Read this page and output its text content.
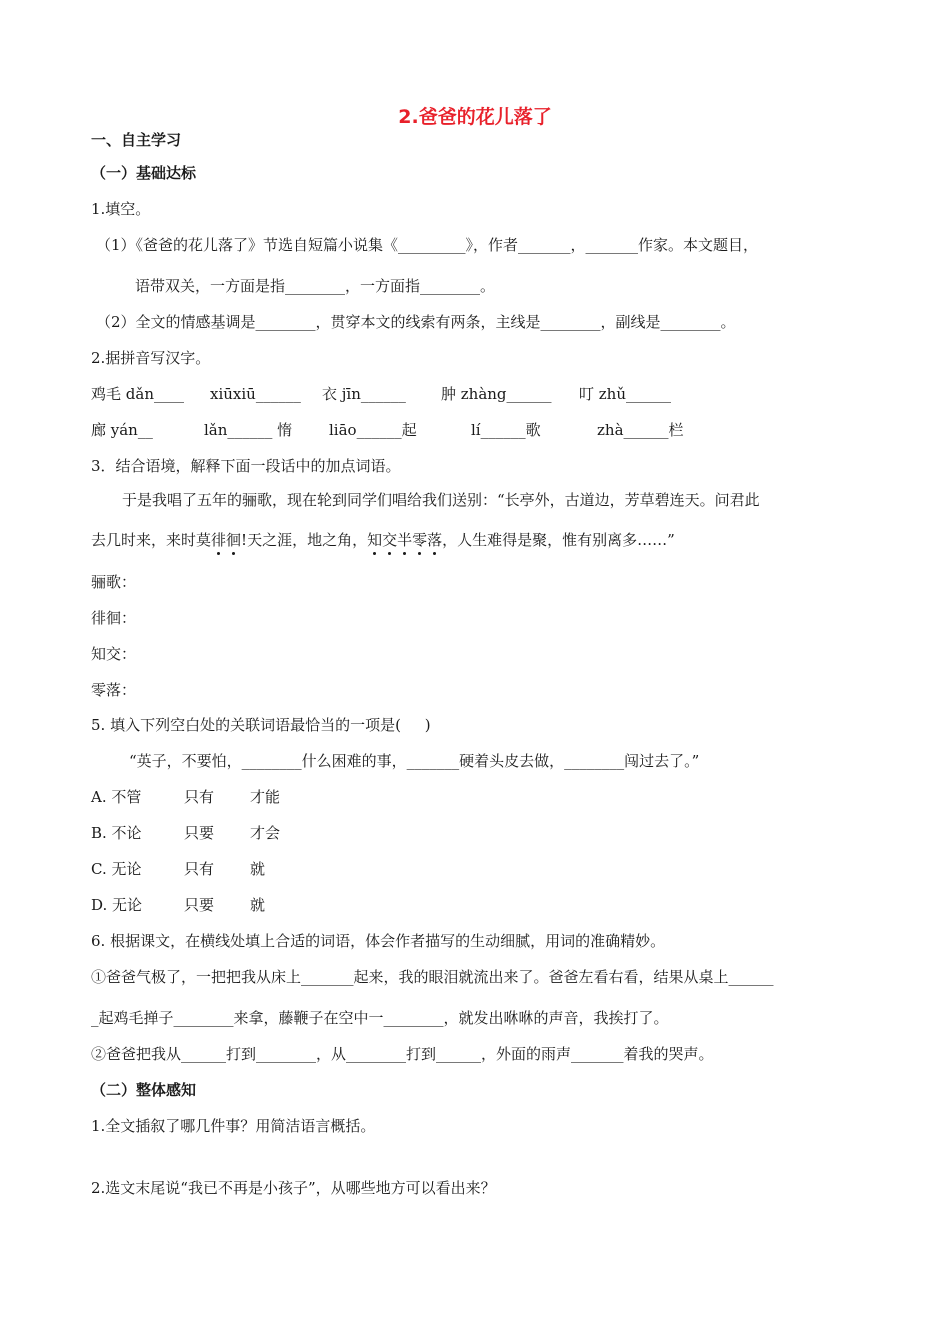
2.爸爸的花儿落了
一、自主学习
（一）基础达标
1.填空。
（1）《爸爸的花儿落了》节选自短篇小说集《_________》，作者_______，_______作家。本文题目，
语带双关，一方面是指________，一方面指________。
（2）全文的情感基调是________，贯穿本文的线索有两条，主线是________，副线是________。
2.据拼音写汉字。
鸡毛 dǎn____ xiūxiū______ 衣 jīn______ 肿 zhàng______ 叮 zhǔ______
廊 yán__	lǎn______ 惰 liāo______起	lí______歌	zhà______栏
3．结合语境，解释下面一段话中的加点词语。
于是我唱了五年的骊歌，现在轮到同学们唱给我们送别：“长亭外，古道边，芳草碧连天。问君此
去几时来，来时莫徘徊!天之涯，地之角，知交半零落，人生难得是聚，惟有别离多……”
骊歌：
徘徊：
知交：
零落：
5. 填入下列空白处的关联词语最恰当的一项是(     )
“英子，不要怕，________什么困难的事，_______硬着头皮去做，________闯过去了。”
A. 不管	只有 才能
B. 不论	只要 才会
C. 无论	只有 就
D. 无论	只要 就
6. 根据课文，在横线处填上合适的词语，体会作者描写的生动细腻，用词的准确精妙。
①爸爸气极了，一把把我从床上_______起来，我的眼泪就流出来了。爸爸左看右看，结果从桌上______
_起鸡毛掸子________来拿，藤鞭子在空中一________，就发出咻咻的声音，我挨打了。
②爸爸把我从______打到________，从________打到______，外面的雨声_______着我的哭声。
（二）整体感知
1.全文插叙了哪几件事？用简洁语言概括。
2.选文末尾说“我已不再是小孩子”，从哪些地方可以看出来？
